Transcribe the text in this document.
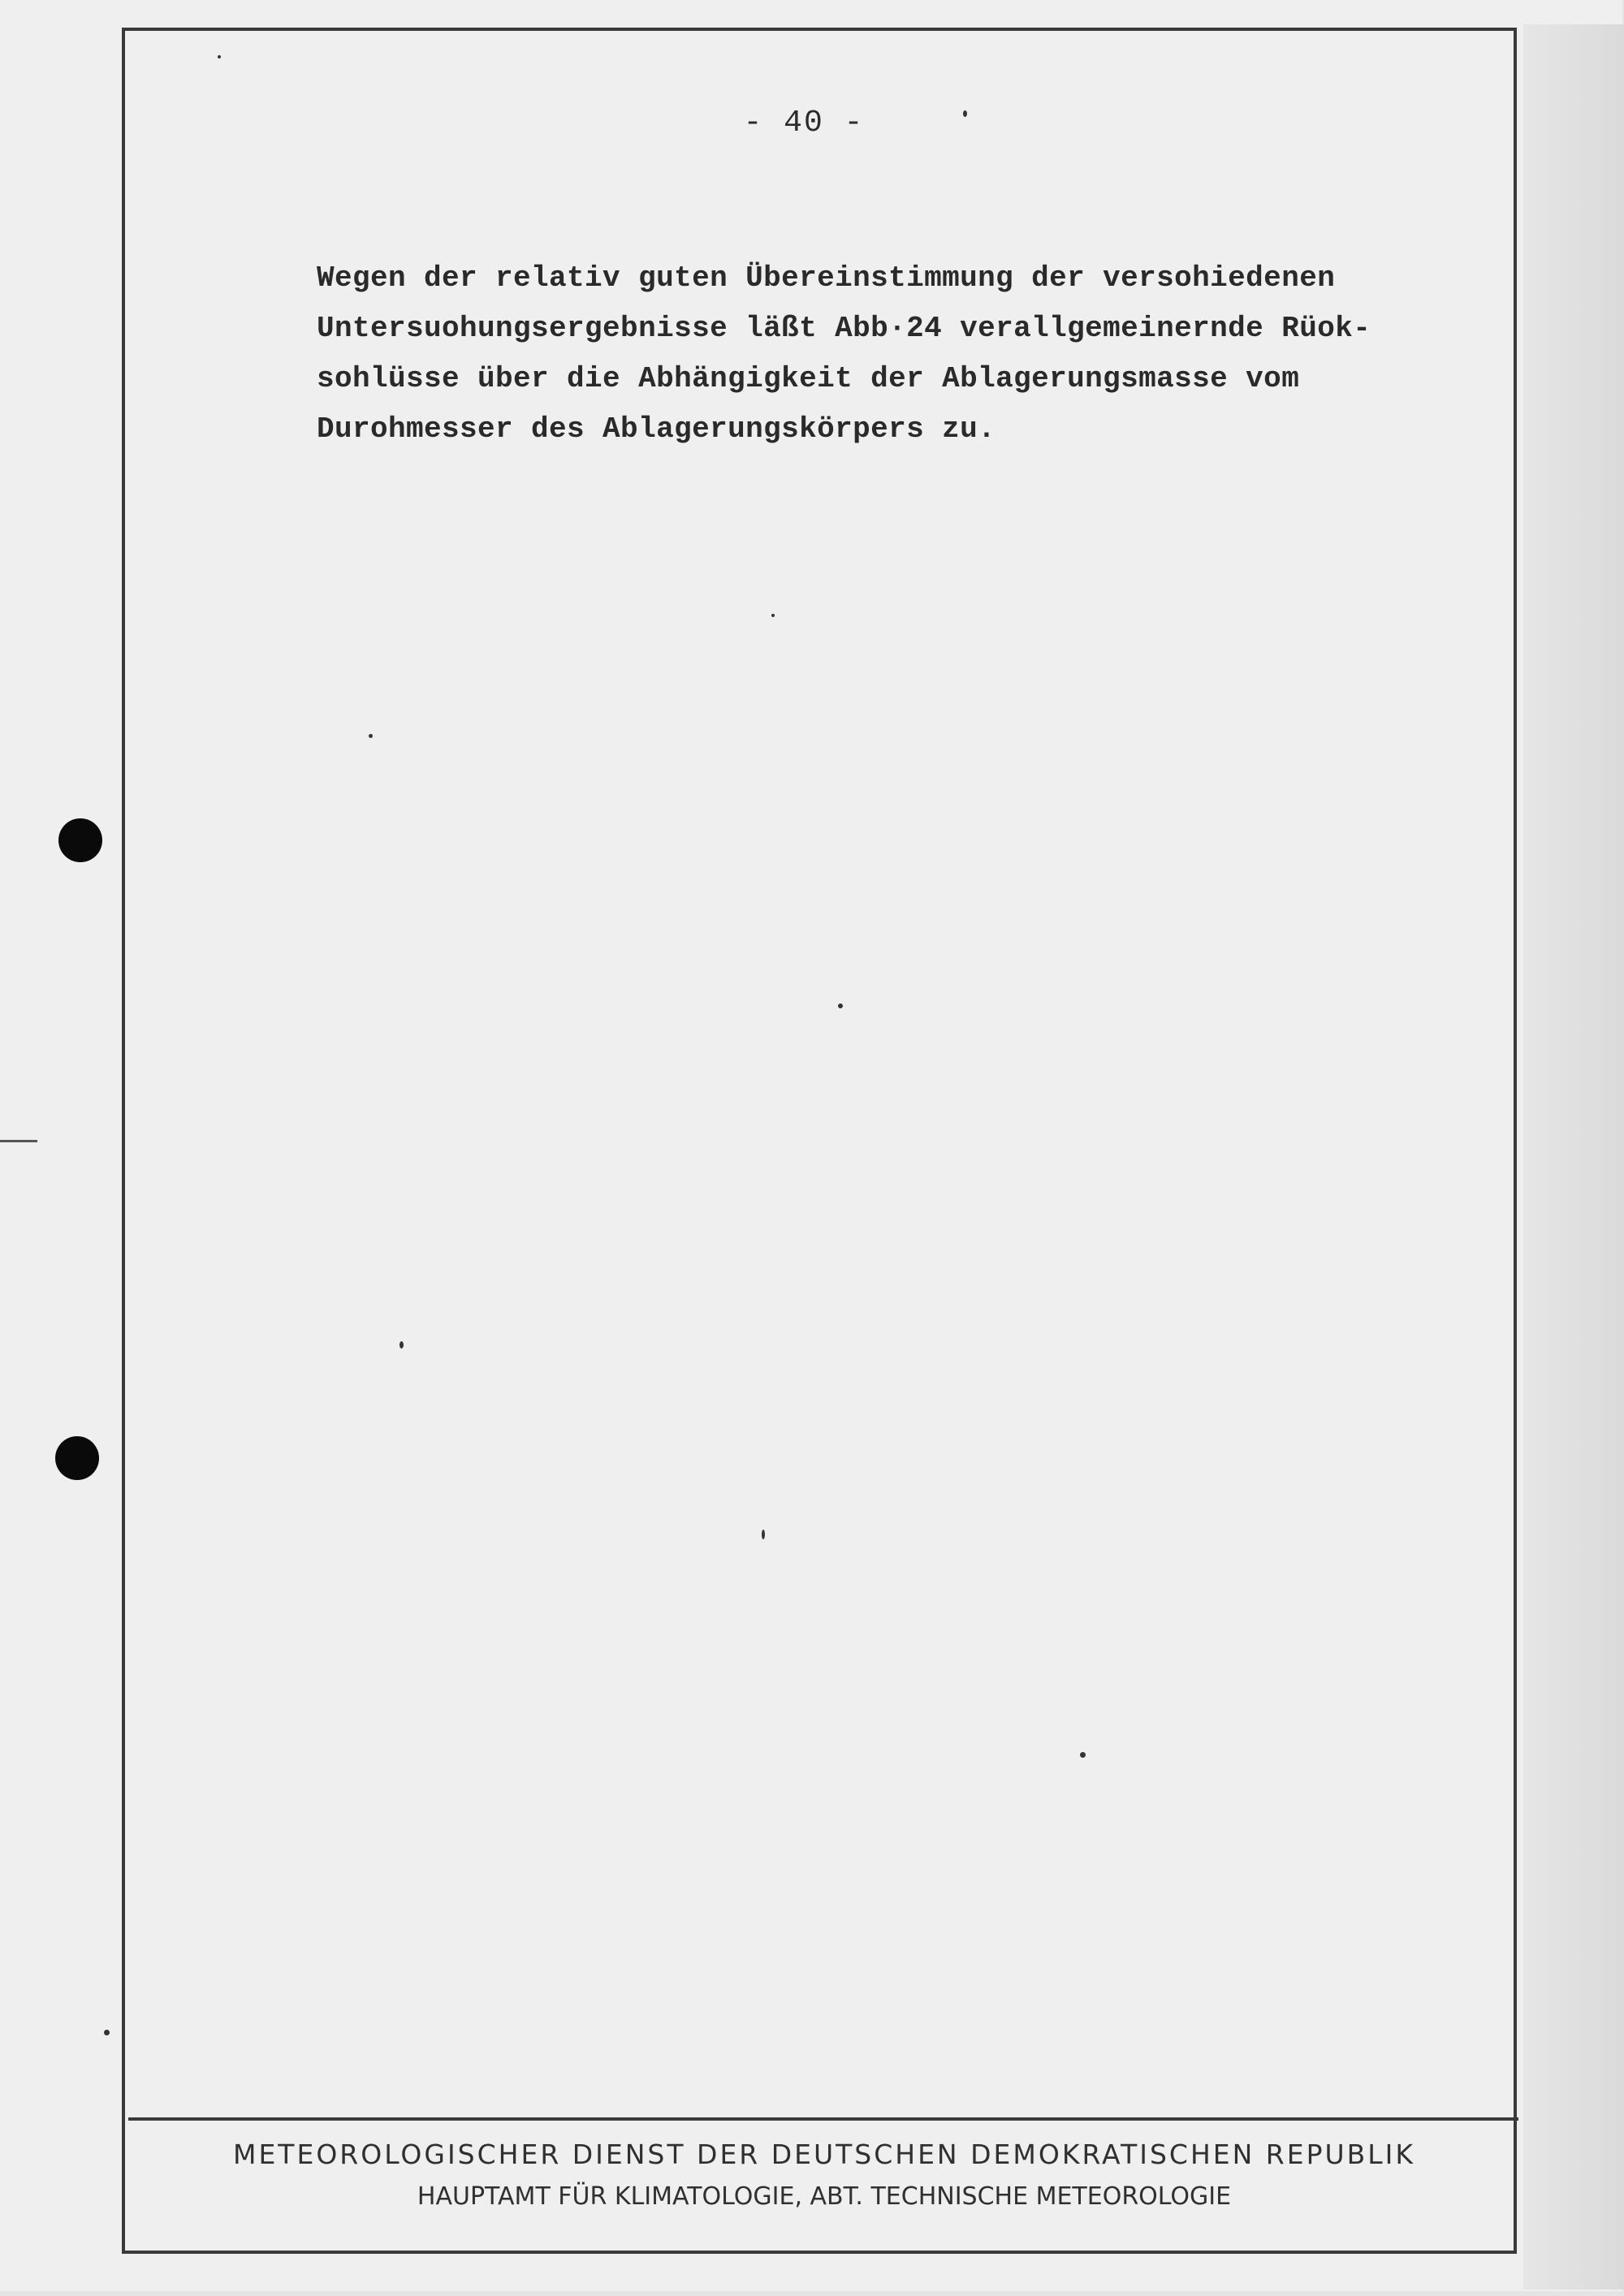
- 40 -
Wegen der relativ guten Übereinstimmung der versohiedenen
Untersuohungsergebnisse läßt Abb·24 verallgemeinernde Rüok-
sohlüsse über die Abhängigkeit der Ablagerungsmasse vom
Durohmesser des Ablagerungskörpers zu.
METEOROLOGISCHER DIENST DER DEUTSCHEN DEMOKRATISCHEN REPUBLIK
HAUPTAMT FÜR KLIMATOLOGIE, ABT. TECHNISCHE METEOROLOGIE
